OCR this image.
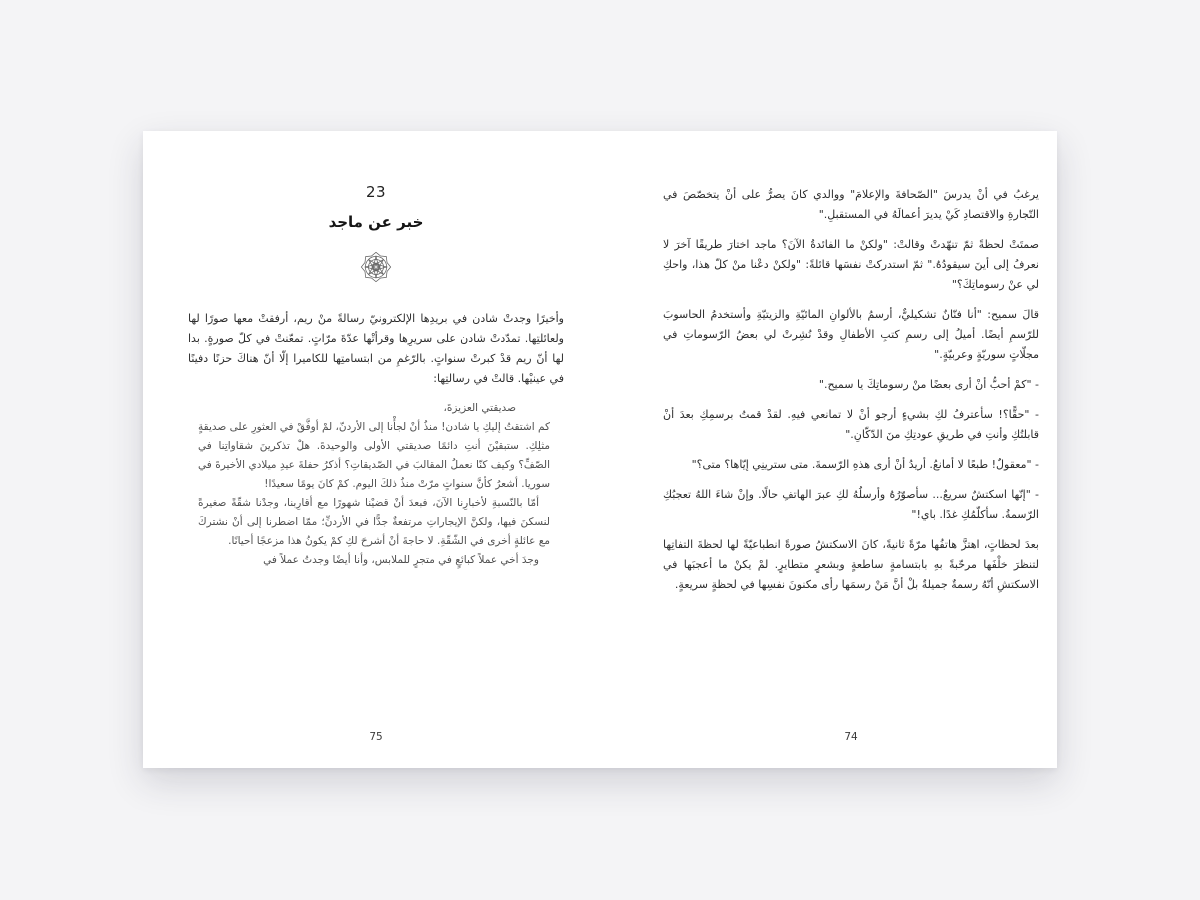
23
خبر عن ماجد

وأخيرًا وجدتْ شادن في بريدِها الإلكترونيّ رسالةً منْ ريم، أرفقتْ معها صورًا لها ولعائلتِها. تمدّدتْ شادن على سريرِها وقرأتْها عدّةَ مرّاتٍ. تمعّنتْ في كلّ صورةٍ. بدا لها أنّ ريم قدْ كبرتْ سنواتٍ. بالرّغمِ من ابتسامتِها للكاميرا إلّا أنّ هناكَ حزنًا دفينًا في عينيْها. قالتْ في رسالتِها:

صديقتي العزيزةَ،

كم اشتقتُ إليكِ يا شادن! منذُ أنْ لجأْنا إلى الأردنّ، لمْ أوفَّقْ في العثورِ على صديقةٍ مثلِكِ. ستبقيْنَ أنتِ دائمًا صديقتي الأولى والوحيدةَ. هلْ تذكرينَ شقاواتِنا في الصّفِّ؟ وكيف كنّا نعملُ المقالبَ في الصّديقاتِ؟ أذكرُ حفلةَ عيدِ ميلادي الأخيرةَ في سوريا. أشعرُ كأنَّ سنواتٍ مرّتْ منذُ ذلكَ اليوم. كمْ كانَ يومًا سعيدًا!

أمّا بالنّسبةِ لأخبارِنا الآنَ، فبعدَ أنْ قضيْنا شهورًا مع أقارِبنا، وجدْنا شقّةً صغيرةً لنسكنَ فيها، ولكنَّ الإيجاراتِ مرتفعةٌ جدًّا في الأردنِّ؛ ممّا اضطرنا إلى أنْ نشتركَ مع عائلةٍ أخرى في الشّقّةِ. لا حاجةَ أنْ أشرحَ لكِ كمْ يكونُ هذا مزعجًا أحيانًا.

وجدَ أخي عملاً كبائعٍ في متجرٍ للملابس، وأنا أيضًا وجدتُ عملاً في

75

يرغبُ في أنْ يدرسَ "الصّحافةَ والإعلامَ" ووالدي كانَ يصرُّ على أنْ يتخصّصَ في التّجارةِ والاقتصادِ كَيْ يديرَ أعمالَهُ في المستقبلِ."

صمتَتْ لحظةً ثمّ تنهّدتْ وقالتْ: "ولكنْ ما الفائدةُ الآنَ؟ ماجد اختارَ طريقًا آخرَ لا نعرفُ إلى أينَ سيقودُهُ." ثمّ استدركتْ نفسَها قائلةً: "ولكنْ دعْنا منْ كلّ هذا، واحكِ لي عنْ رسوماتِكَ؟"

قالَ سميح: "أنا فنّانٌ تشكيليٌّ، أرسمُ بالألوانِ المائيّةِ والزيتيّةِ وأستخدمُ الحاسوبَ للرّسمِ أيضًا. أميلُ إلى رسمِ كتبِ الأطفالِ وقدْ نُشِرتْ لي بعضُ الرّسوماتِ في مجلّاتٍ سوريّةٍ وعربيّةٍ."

- "كمْ أحبُّ أنْ أرى بعضًا منْ رسوماتِكَ يا سميح."

- "حقًّا؟! سأعترفُ لكِ بشيءٍ أرجو أنْ لا تمانعي فيهِ. لقدْ قمتُ برسمِكِ بعدَ أنْ قابلتُكِ وأنتِ في طريقِ عودتِكِ منَ الدّكّانِ."

- "معقولٌ! طبعًا لا أمانعُ. أريدُ أنْ أرى هذهِ الرّسمةَ. متى سترينِي إيّاها؟ متى؟"

- "إنّها اسكتشٌ سريعٌ... سأصوّرُهُ وأرسلُهُ لكِ عبرَ الهاتفِ حالًا. وإنْ شاءَ اللهُ تعجبُكِ الرّسمةُ. سأكلّمُكِ غدًا. باي!"

بعدَ لحظاتٍ، اهتزَّ هاتفُها مرّةً ثانيةً، كانَ الاسكتشُ صورةً انطباعيّةً لها لحظةَ التفاتِها لتنظرَ خلْفَها مرحّبةً بهِ بابتسامةٍ ساطعةٍ وبشعرٍ متطايرٍ. لمْ يكنْ ما أعجبَها في الاسكتشِ أنّهُ رسمةٌ جميلةٌ بلْ أنَّ مَنْ رسمَها رأى مكنونَ نفسِها في لحظةٍ سريعةٍ.

74
